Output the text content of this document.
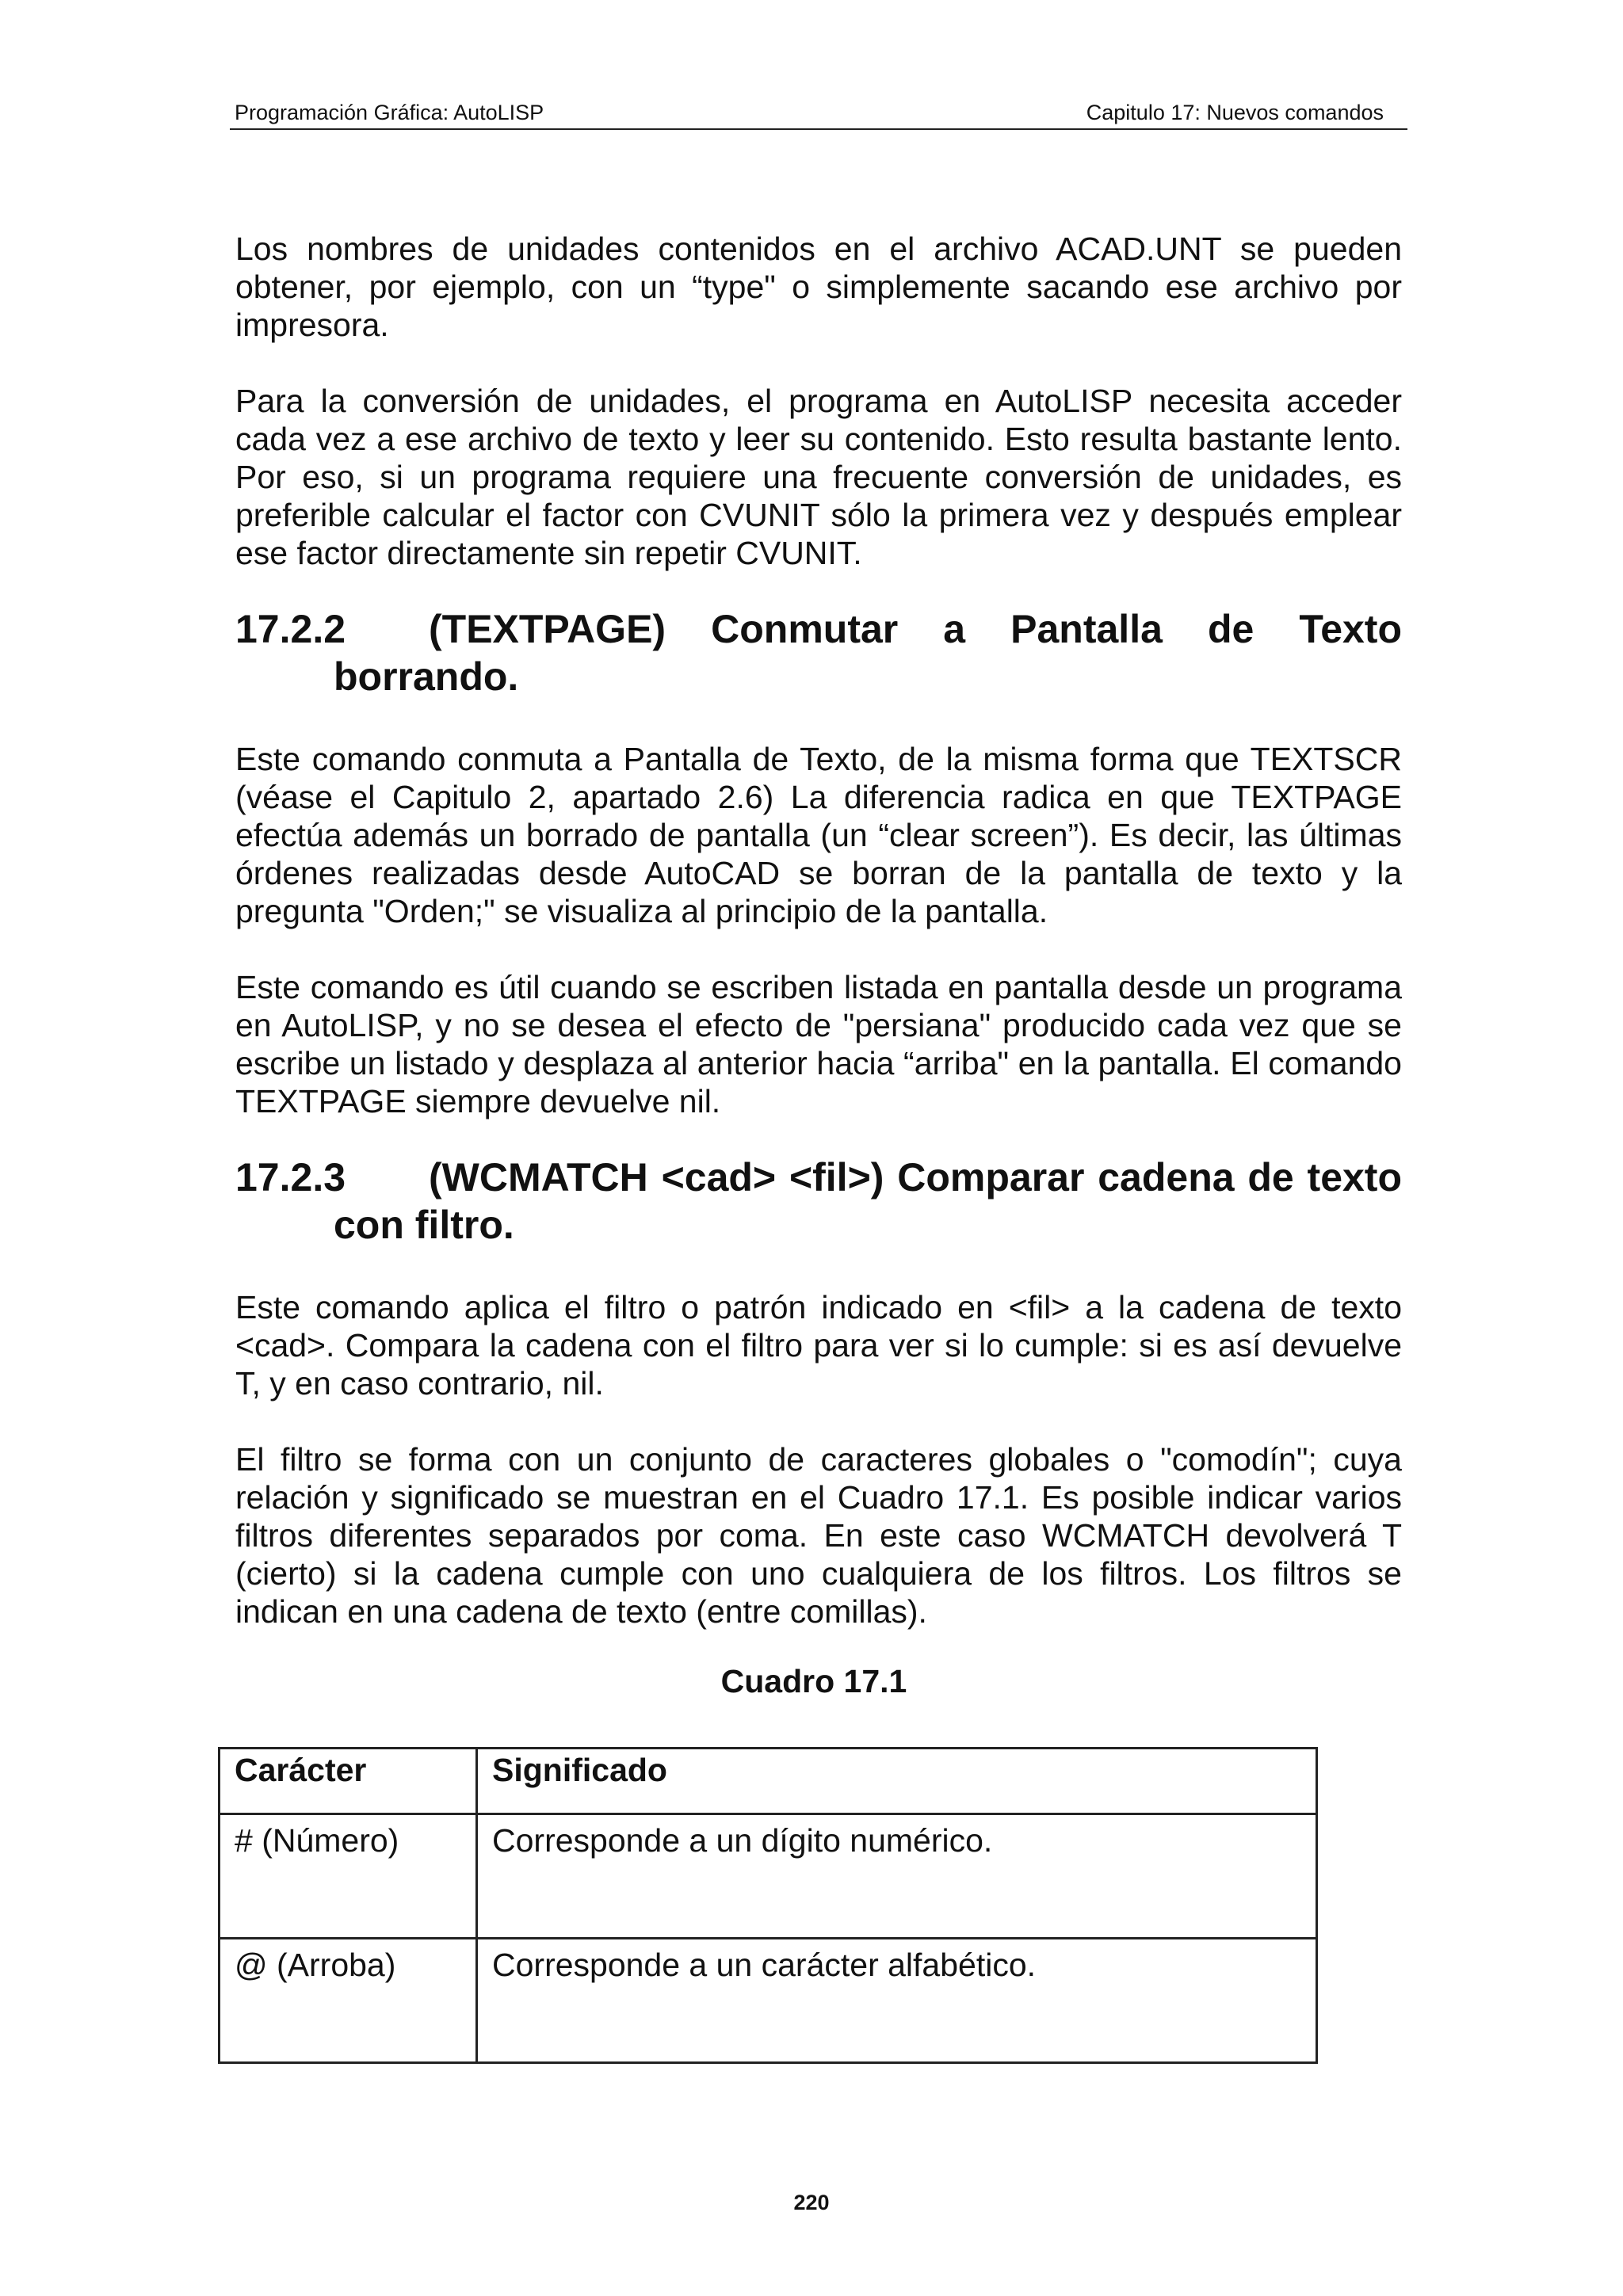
Programación Gráfica: AutoLISP	Capitulo 17: Nuevos comandos

Los nombres de unidades contenidos en el archivo ACAD.UNT se pueden obtener, por ejemplo, con un “type" o simplemente sacando ese archivo por impresora.

Para la conversión de unidades, el programa en AutoLISP necesita acceder cada vez a ese archivo de texto y leer su contenido. Esto resulta bastante lento. Por eso, si un programa requiere una frecuente conversión de unidades, es preferible calcular el factor con CVUNIT sólo la primera vez y después emplear ese factor directamente sin repetir CVUNIT.

17.2.2 (TEXTPAGE) Conmutar a Pantalla de Texto borrando.

Este comando conmuta a Pantalla de Texto, de la misma forma que TEXTSCR (véase el Capitulo 2, apartado 2.6) La diferencia radica en que TEXTPAGE efectúa además un borrado de pantalla (un “clear screen”). Es decir, las últimas órdenes realizadas desde AutoCAD se borran de la pantalla de texto y la pregunta "Orden;" se visualiza al principio de la pantalla.

Este comando es útil cuando se escriben listada en pantalla desde un programa en AutoLISP, y no se desea el efecto de "persiana" producido cada vez que se escribe un listado y desplaza al anterior hacia “arriba" en la pantalla. El comando TEXTPAGE siempre devuelve nil.

17.2.3 (WCMATCH <cad> <fil>) Comparar cadena de texto con filtro.

Este comando aplica el filtro o patrón indicado en <fil> a la cadena de texto <cad>. Compara la cadena con el filtro para ver si lo cumple: si es así devuelve T, y en caso contrario, nil.

El filtro se forma con un conjunto de caracteres globales o "comodín"; cuya relación y significado se muestran en el Cuadro 17.1. Es posible indicar varios filtros diferentes separados por coma. En este caso WCMATCH devolverá T (cierto) si la cadena cumple con uno cualquiera de los filtros. Los filtros se indican en una cadena de texto (entre comillas).

Cuadro 17.1

Carácter	Significado
# (Número)	Corresponde a un dígito numérico.
@ (Arroba)	Corresponde a un carácter alfabético.
220
